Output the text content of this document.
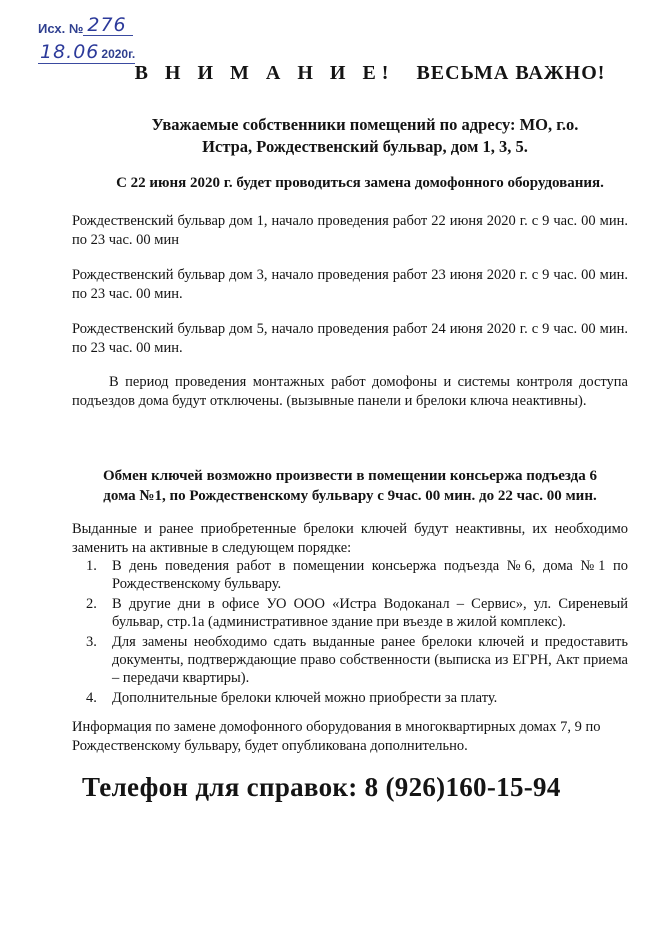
Исх. № 276
18.06 2020г.
В Н И М А Н И Е! ВЕСЬМА ВАЖНО!
Уважаемые собственники помещений по адресу: МО, г.о.
Истра, Рождественский бульвар, дом 1, 3, 5.
С 22 июня 2020 г. будет проводиться замена домофонного оборудования.
Рождественский бульвар дом 1, начало проведения работ 22 июня 2020 г. с 9 час. 00 мин. по 23 час. 00 мин
Рождественский бульвар дом 3, начало проведения работ 23 июня 2020 г. с 9 час. 00 мин. по 23 час. 00 мин.
Рождественский бульвар дом 5, начало проведения работ 24 июня 2020 г. с 9 час. 00 мин. по 23 час. 00 мин.
В период проведения монтажных работ домофоны и системы контроля доступа подъездов дома будут отключены. (вызывные панели и брелоки ключа неактивны).
Обмен ключей возможно произвести в помещении консьержа подъезда 6
дома №1, по Рождественскому бульвару с 9час. 00 мин. до 22 час. 00 мин.
Выданные и ранее приобретенные брелоки ключей будут неактивны, их необходимо заменить на активные в следующем порядке:
1.	В день поведения работ в помещении консьержа подъезда №6, дома №1 по Рождественскому бульвару.
2.	В другие дни в офисе УО ООО «Истра Водоканал – Сервис», ул. Сиреневый бульвар, стр.1а (административное здание при въезде в жилой комплекс).
3.	Для замены необходимо сдать выданные ранее брелоки ключей и предоставить документы, подтверждающие право собственности (выписка из ЕГРН, Акт приема – передачи квартиры).
4.	Дополнительные брелоки ключей можно приобрести за плату.
Информация по замене домофонного оборудования в многоквартирных домах 7, 9 по Рождественскому бульвару, будет опубликована дополнительно.
Телефон для справок: 8 (926)160-15-94
